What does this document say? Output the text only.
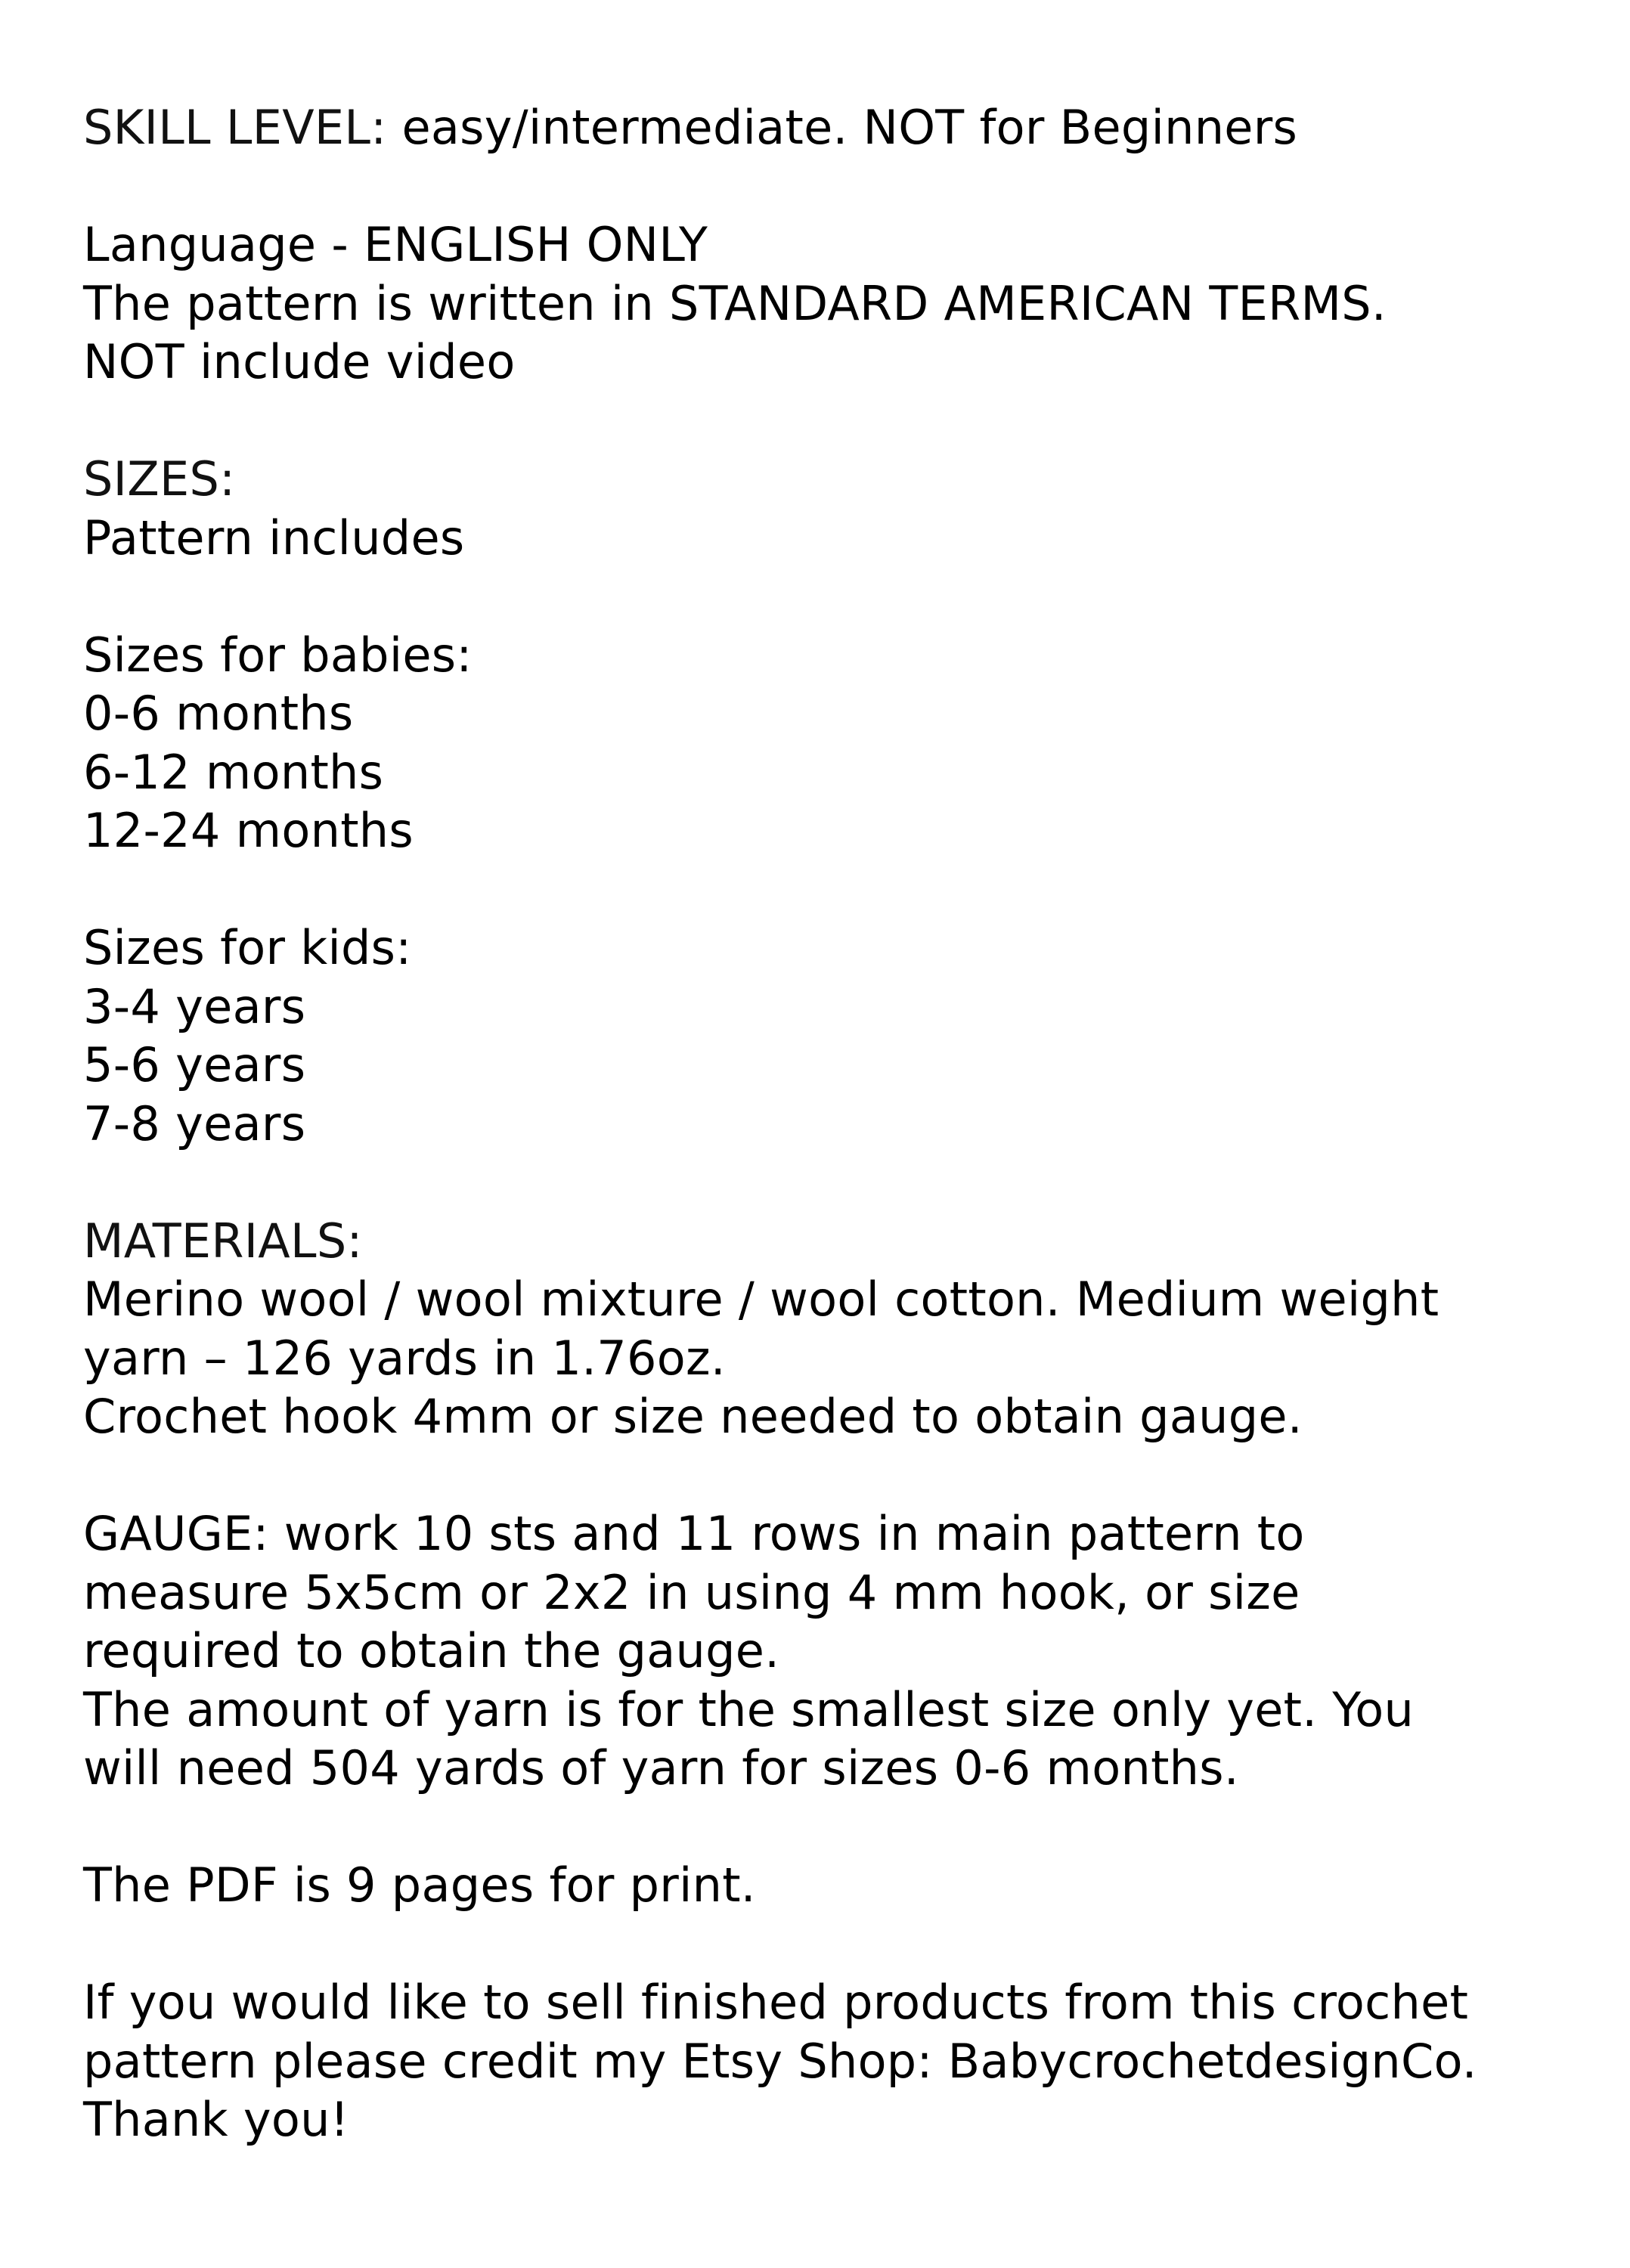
SKILL LEVEL: easy/intermediate. NOT for Beginners
Language - ENGLISH ONLY
The pattern is written in STANDARD AMERICAN TERMS.
NOT include video
SIZES:
Pattern includes
Sizes for babies:
0-6 months
6-12 months
12-24 months
Sizes for kids:
3-4 years
5-6 years
7-8 years
MATERIALS:
Merino wool / wool mixture / wool cotton. Medium weight
yarn – 126 yards in 1.76oz.
Crochet hook 4mm or size needed to obtain gauge.
GAUGE: work 10 sts and 11 rows in main pattern to
measure 5x5cm or 2x2 in using 4 mm hook, or size
required to obtain the gauge.
The amount of yarn is for the smallest size only yet. You
will need 504 yards of yarn for sizes 0-6 months.
The PDF is 9 pages for print.
If you would like to sell finished products from this crochet
pattern please credit my Etsy Shop: BabycrochetdesignCo.
Thank you!
